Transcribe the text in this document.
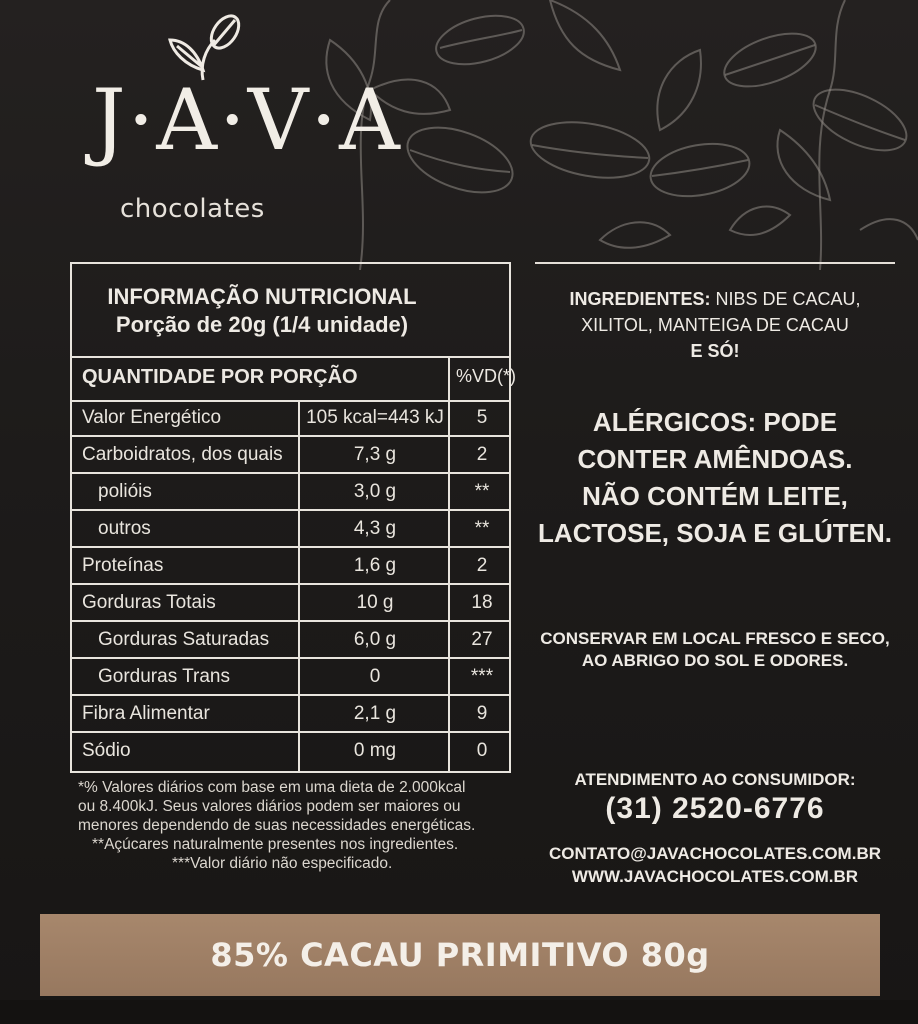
J·A·V·A
chocolates
INFORMAÇÃO NUTRICIONAL
Porção de 20g (1/4 unidade)
QUANTIDADE POR PORÇÃO	%VD(*)
Valor Energético	105 kcal=443 kJ	5
Carboidratos, dos quais	7,3 g	2
polióis	3,0 g	**
outros	4,3 g	**
Proteínas	1,6 g	2
Gorduras Totais	10 g	18
Gorduras Saturadas	6,0 g	27
Gorduras Trans	0	***
Fibra Alimentar	2,1 g	9
Sódio	0 mg	0
*% Valores diários com base em uma dieta de 2.000kcal
ou 8.400kJ. Seus valores diários podem ser maiores ou
menores dependendo de suas necessidades energéticas.
**Açúcares naturalmente presentes nos ingredientes.
***Valor diário não especificado.
INGREDIENTES: NIBS DE CACAU,
XILITOL, MANTEIGA DE CACAU
E SÓ!
ALÉRGICOS: PODE
CONTER AMÊNDOAS.
NÃO CONTÉM LEITE,
LACTOSE, SOJA E GLÚTEN.
CONSERVAR EM LOCAL FRESCO E SECO,
AO ABRIGO DO SOL E ODORES.
ATENDIMENTO AO CONSUMIDOR:
(31) 2520-6776
CONTATO@JAVACHOCOLATES.COM.BR
WWW.JAVACHOCOLATES.COM.BR
85% CACAU PRIMITIVO 80g
